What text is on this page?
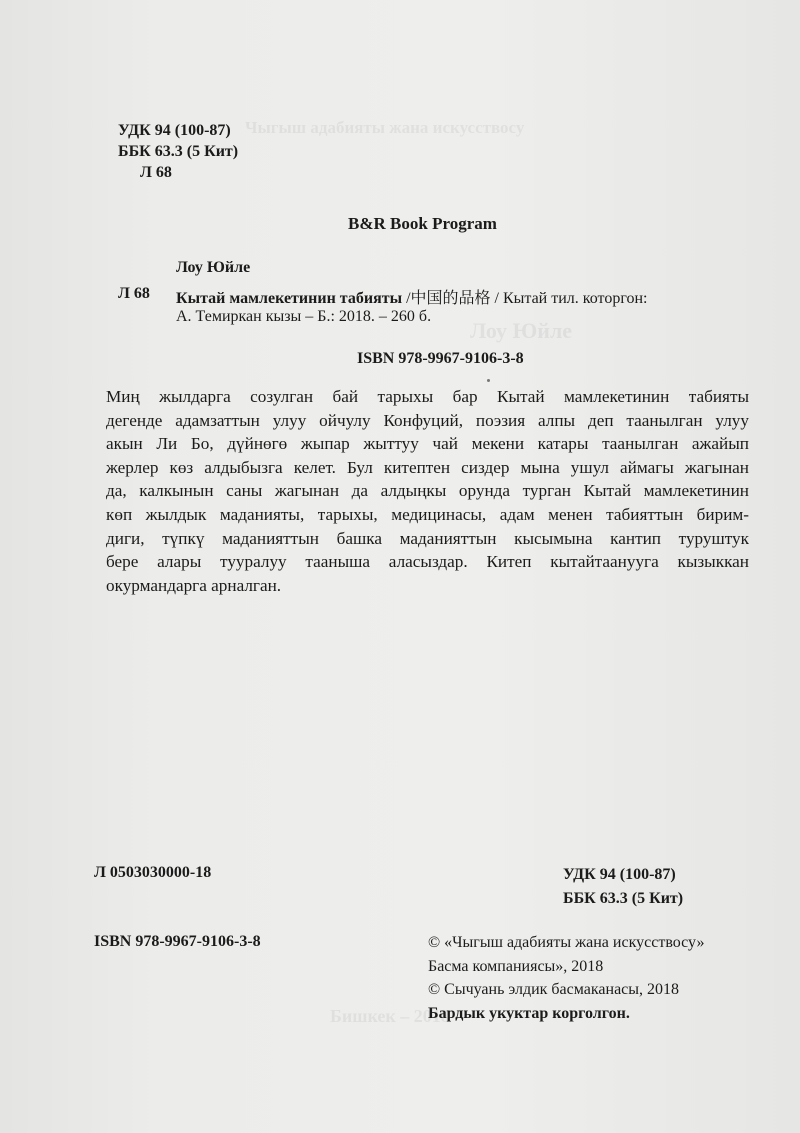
Чыгыш адабияты жана искусствосу
Лоу Юйле
Бишкек – 2018
УДК 94 (100-87)
ББК 63.3 (5 Кит)
Л 68
B&R Book Program
Лоу Юйле
Л 68 Кытай мамлекетинин табияты /中国的品格 / Кытай тил. которгон:
А. Темиркан кызы – Б.: 2018. – 260 б.
ISBN 978-9967-9106-3-8
Миң жылдарга созулган бай тарыхы бар Кытай мамлекетинин табияты
дегенде адамзаттын улуу ойчулу Конфуций, поэзия алпы деп таанылган улуу
акын Ли Бо, дүйнөгө жыпар жыттуу чай мекени катары таанылган ажайып
жерлер көз алдыбызга келет. Бул китептен сиздер мына ушул аймагы жагынан
да, калкынын саны жагынан да алдыңкы орунда турган Кытай мамлекетинин
көп жылдык маданияты, тарыхы, медицинасы, адам менен табияттын бирим-
диги, түпкү маданияттын башка маданияттын кысымына кантип туруштук
бере алары тууралуу тааныша аласыздар. Китеп кытайтаанууга кызыккан
окурмандарга арналган.
Л 0503030000-18
ISBN 978-9967-9106-3-8
УДК 94 (100-87)
ББК 63.3 (5 Кит)
© «Чыгыш адабияты жана искусствосу»
Басма компаниясы», 2018
© Сычуань элдик басмаканасы, 2018
Бардык укуктар корголгон.
